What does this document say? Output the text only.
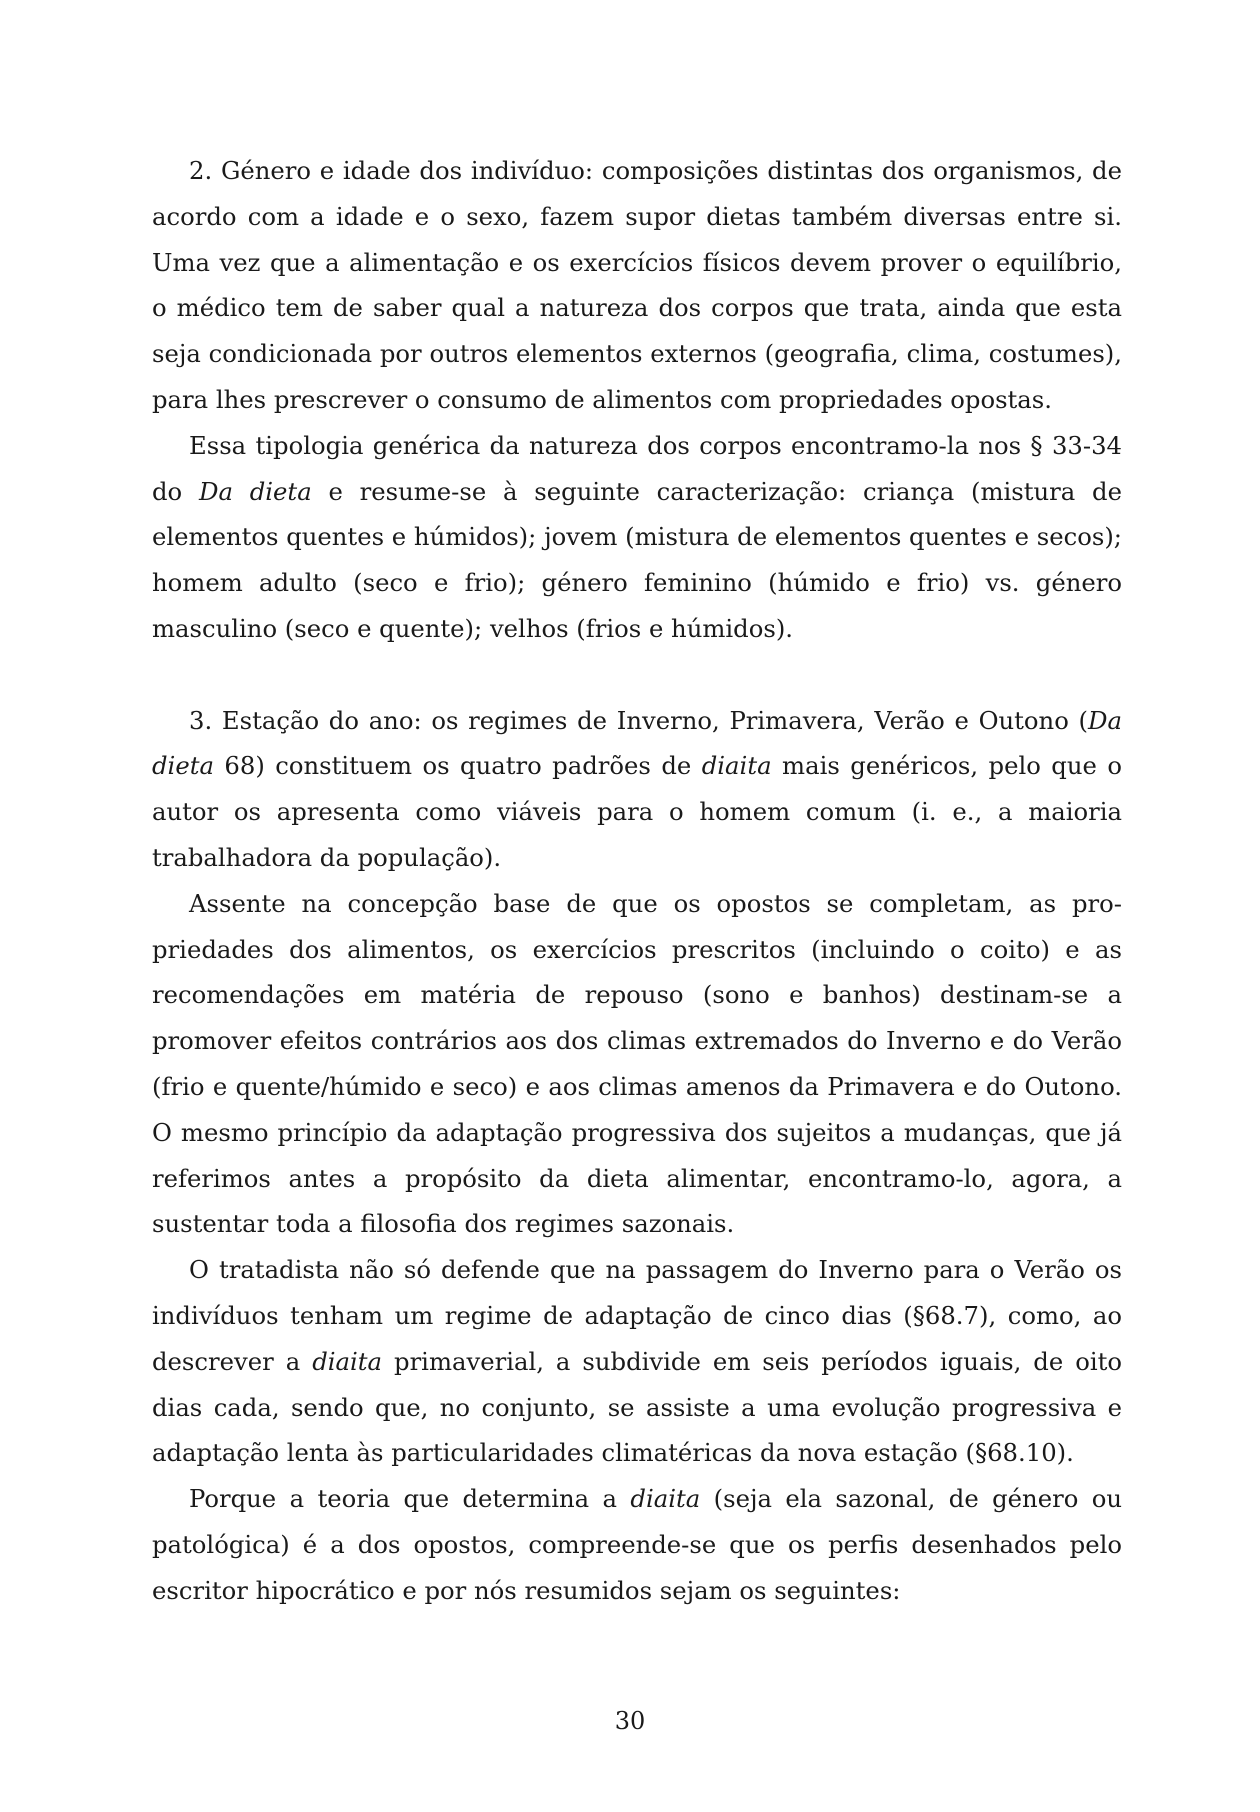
2. Género e idade dos indivíduo: composições distintas dos organismos, de acordo com a idade e o sexo, fazem supor dietas também diversas entre si. Uma vez que a alimentação e os exercícios físicos devem prover o equilíbrio, o médico tem de saber qual a natureza dos corpos que trata, ainda que esta seja condicionada por outros elementos externos (geografia, clima, costumes), para lhes prescrever o consumo de alimentos com propriedades opostas.

Essa tipologia genérica da natureza dos corpos encontramo-la nos § 33-34 do Da dieta e resume-se à seguinte caracterização: criança (mistura de elementos quentes e húmidos); jovem (mistura de elementos quentes e secos); homem adulto (seco e frio); género feminino (húmido e frio) vs. género masculino (seco e quente); velhos (frios e húmidos).

3. Estação do ano: os regimes de Inverno, Primavera, Verão e Outono (Da dieta 68) constituem os quatro padrões de diaita mais genéricos, pelo que o autor os apresenta como viáveis para o homem comum (i. e., a maioria trabalhadora da população).

Assente na concepção base de que os opostos se completam, as propriedades dos alimentos, os exercícios prescritos (incluindo o coito) e as recomendações em matéria de repouso (sono e banhos) destinam-se a promover efeitos contrários aos dos climas extremados do Inverno e do Verão (frio e quente/húmido e seco) e aos climas amenos da Primavera e do Outono. O mesmo princípio da adaptação progressiva dos sujeitos a mudanças, que já referimos antes a propósito da dieta alimentar, encontramo-lo, agora, a sustentar toda a filosofia dos regimes sazonais.

O tratadista não só defende que na passagem do Inverno para o Verão os indivíduos tenham um regime de adaptação de cinco dias (§68.7), como, ao descrever a diaita primaverial, a subdivide em seis períodos iguais, de oito dias cada, sendo que, no conjunto, se assiste a uma evolução progressiva e adaptação lenta às particularidades climatéricas da nova estação (§68.10).

Porque a teoria que determina a diaita (seja ela sazonal, de género ou patológica) é a dos opostos, compreende-se que os perfis desenhados pelo escritor hipocrático e por nós resumidos sejam os seguintes:

30
